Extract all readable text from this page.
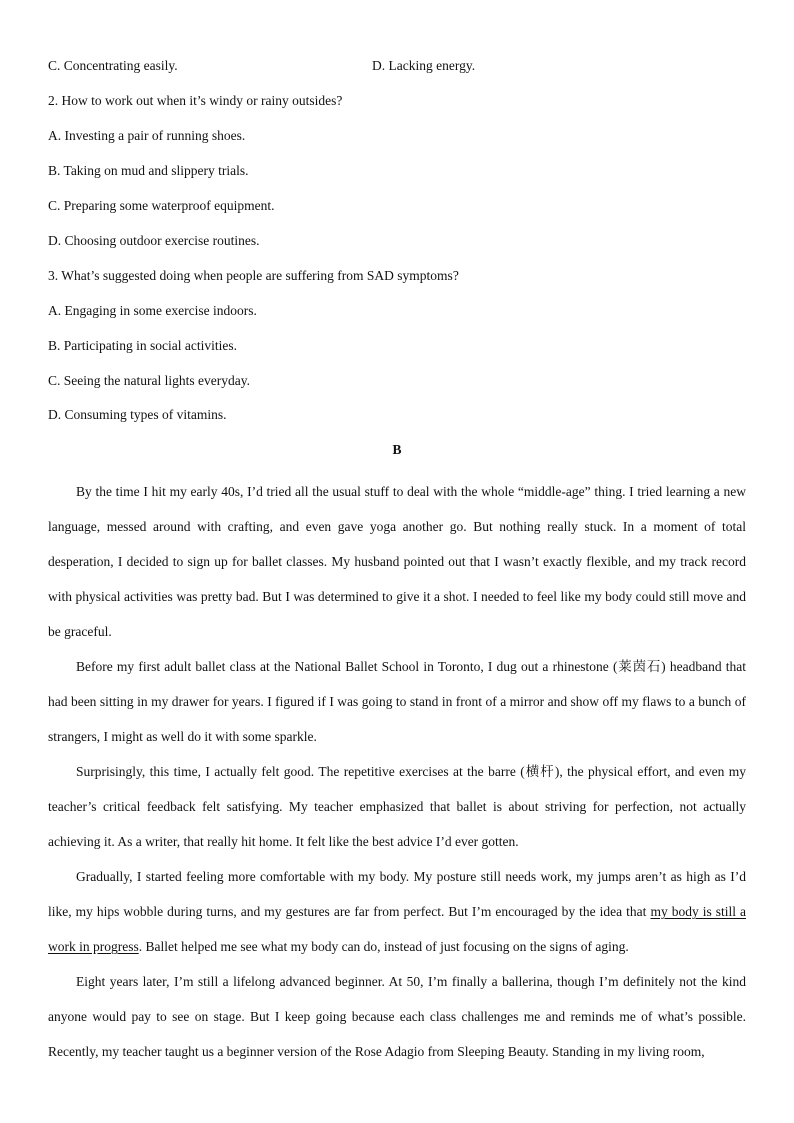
C. Concentrating easily.	D. Lacking energy.
2. How to work out when it’s windy or rainy outsides?
A. Investing a pair of running shoes.
B. Taking on mud and slippery trials.
C. Preparing some waterproof equipment.
D. Choosing outdoor exercise routines.
3. What’s suggested doing when people are suffering from SAD symptoms?
A. Engaging in some exercise indoors.
B. Participating in social activities.
C. Seeing the natural lights everyday.
D. Consuming types of vitamins.
B

By the time I hit my early 40s, I’d tried all the usual stuff to deal with the whole “middle-age” thing. I tried learning a new language, messed around with crafting, and even gave yoga another go. But nothing really stuck. In a moment of total desperation, I decided to sign up for ballet classes. My husband pointed out that I wasn’t exactly flexible, and my track record with physical activities was pretty bad. But I was determined to give it a shot. I needed to feel like my body could still move and be graceful.

Before my first adult ballet class at the National Ballet School in Toronto, I dug out a rhinestone (莱茵石) headband that had been sitting in my drawer for years. I figured if I was going to stand in front of a mirror and show off my flaws to a bunch of strangers, I might as well do it with some sparkle.

Surprisingly, this time, I actually felt good. The repetitive exercises at the barre (横杆), the physical effort, and even my teacher’s critical feedback felt satisfying. My teacher emphasized that ballet is about striving for perfection, not actually achieving it. As a writer, that really hit home. It felt like the best advice I’d ever gotten.

Gradually, I started feeling more comfortable with my body. My posture still needs work, my jumps aren’t as high as I’d like, my hips wobble during turns, and my gestures are far from perfect. But I’m encouraged by the idea that my body is still a work in progress. Ballet helped me see what my body can do, instead of just focusing on the signs of aging.

Eight years later, I’m still a lifelong advanced beginner. At 50, I’m finally a ballerina, though I’m definitely not the kind anyone would pay to see on stage. But I keep going because each class challenges me and reminds me of what’s possible. Recently, my teacher taught us a beginner version of the Rose Adagio from Sleeping Beauty. Standing in my living room,
